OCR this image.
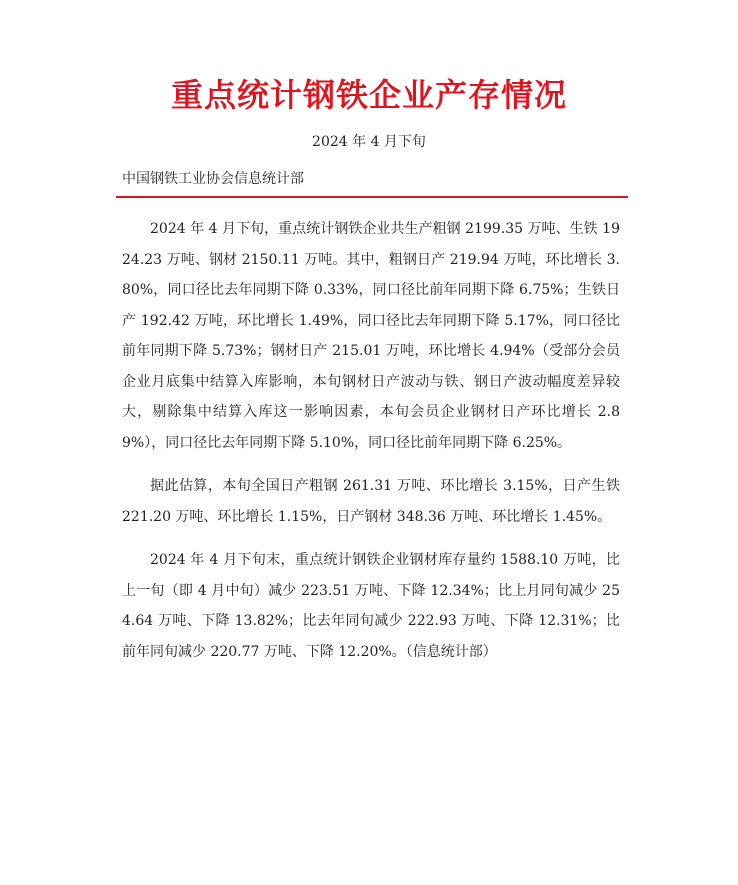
重点统计钢铁企业产存情况
2024 年 4 月下旬
中国钢铁工业协会信息统计部

2024 年 4 月下旬，重点统计钢铁企业共生产粗钢 2199.35 万吨、生铁 1924.23 万吨、钢材 2150.11 万吨。其中，粗钢日产 219.94 万吨，环比增长 3.80%，同口径比去年同期下降 0.33%，同口径比前年同期下降 6.75%；生铁日产 192.42 万吨，环比增长 1.49%，同口径比去年同期下降 5.17%，同口径比前年同期下降 5.73%；钢材日产 215.01 万吨，环比增长 4.94%（受部分会员企业月底集中结算入库影响，本旬钢材日产波动与铁、钢日产波动幅度差异较大，剔除集中结算入库这一影响因素，本旬会员企业钢材日产环比增长 2.89%），同口径比去年同期下降 5.10%，同口径比前年同期下降 6.25%。

据此估算，本旬全国日产粗钢 261.31 万吨、环比增长 3.15%，日产生铁 221.20 万吨、环比增长 1.15%，日产钢材 348.36 万吨、环比增长 1.45%。

2024 年 4 月下旬末，重点统计钢铁企业钢材库存量约 1588.10 万吨，比上一旬（即 4 月中旬）减少 223.51 万吨、下降 12.34%；比上月同旬减少 254.64 万吨、下降 13.82%；比去年同旬减少 222.93 万吨、下降 12.31%；比前年同旬减少 220.77 万吨、下降 12.20%。（信息统计部）
